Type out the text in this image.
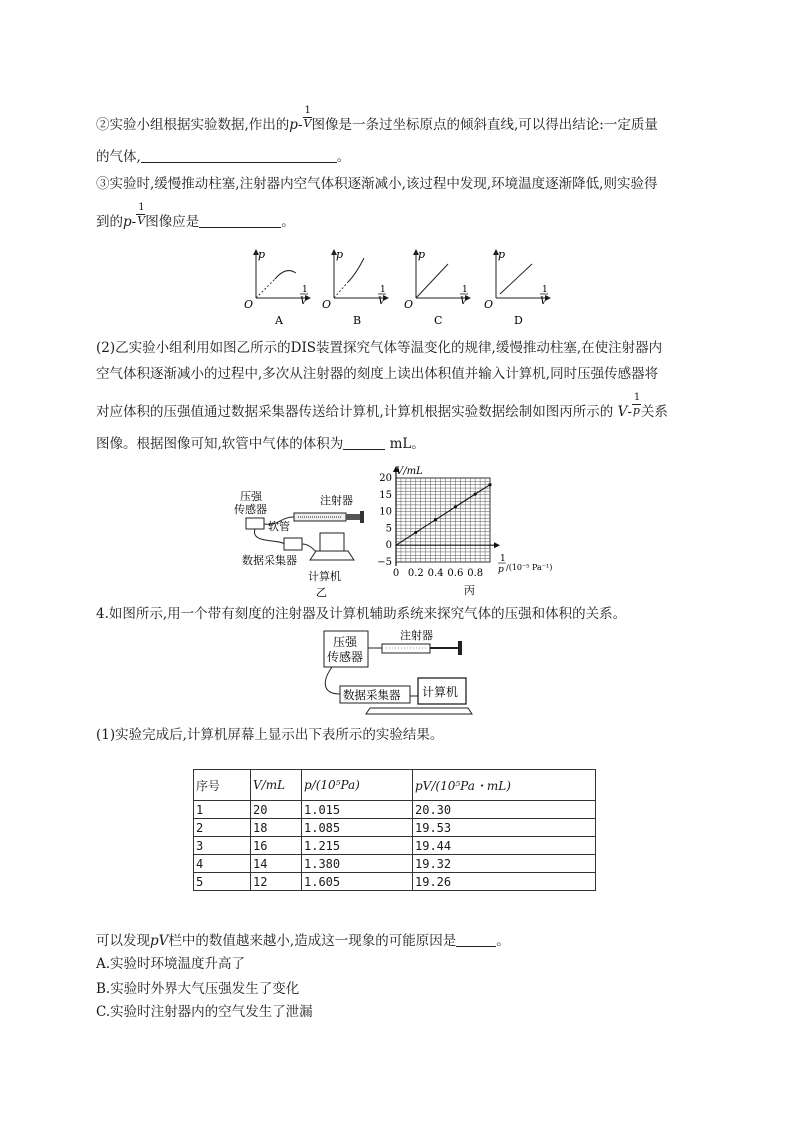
②实验小组根据实验数据,作出的$p- \frac{1}{V}$ 图像是一条过坐标原点的倾斜直线,可以得出结论:一定质量
的气体,	。
③实验时,缓慢推动柱塞,注射器内空气体积逐渐减小,该过程中发现,环境温度逐渐降低,则实验得
到的$p- \frac{1}{V}$ 图像应是	。
p
O
1
V
A
p
O
1
V
B
p
O
1
V
C
p
O
1
V
D
(2)乙实验小组利用如图乙所示的DIS装置探究气体等温变化的规律,缓慢推动柱塞,在使注射器内
空气体积逐渐减小的过程中,多次从注射器的刻度上读出体积值并输入计算机,同时压强传感器将
对应体积的压强值通过数据采集器传送给计算机,计算机根据实验数据绘制如图丙所示的 $V- \frac{1}{p}$ 关系
图像。根据图像可知,软管中气体的体积为	mL。
压强
传感器
注射器
软管
数据采集器
计算机
乙
20
15
10
5
0
−5
0 0.2 0.4 0.6 0.8
V/mL
1
p /(10⁻⁵ Pa⁻¹)
丙
4.如图所示,用一个带有刻度的注射器及计算机辅助系统来探究气体的压强和体积的关系。
压强
传感器
注射器
数据采集器 计算机
(1)实验完成后,计算机屏幕上显示出下表所示的实验结果。
序号	V/mL	p/(10⁵Pa)	pV/(10⁵Pa・mL)
1	20	1.015	20.30
2	18	1.085	19.53
3	16	1.215	19.44
4	14	1.380	19.32
5	12	1.605	19.26
可以发现pV栏中的数值越来越小,造成这一现象的可能原因是	。
A.实验时环境温度升高了
B.实验时外界大气压强发生了变化
C.实验时注射器内的空气发生了泄漏
